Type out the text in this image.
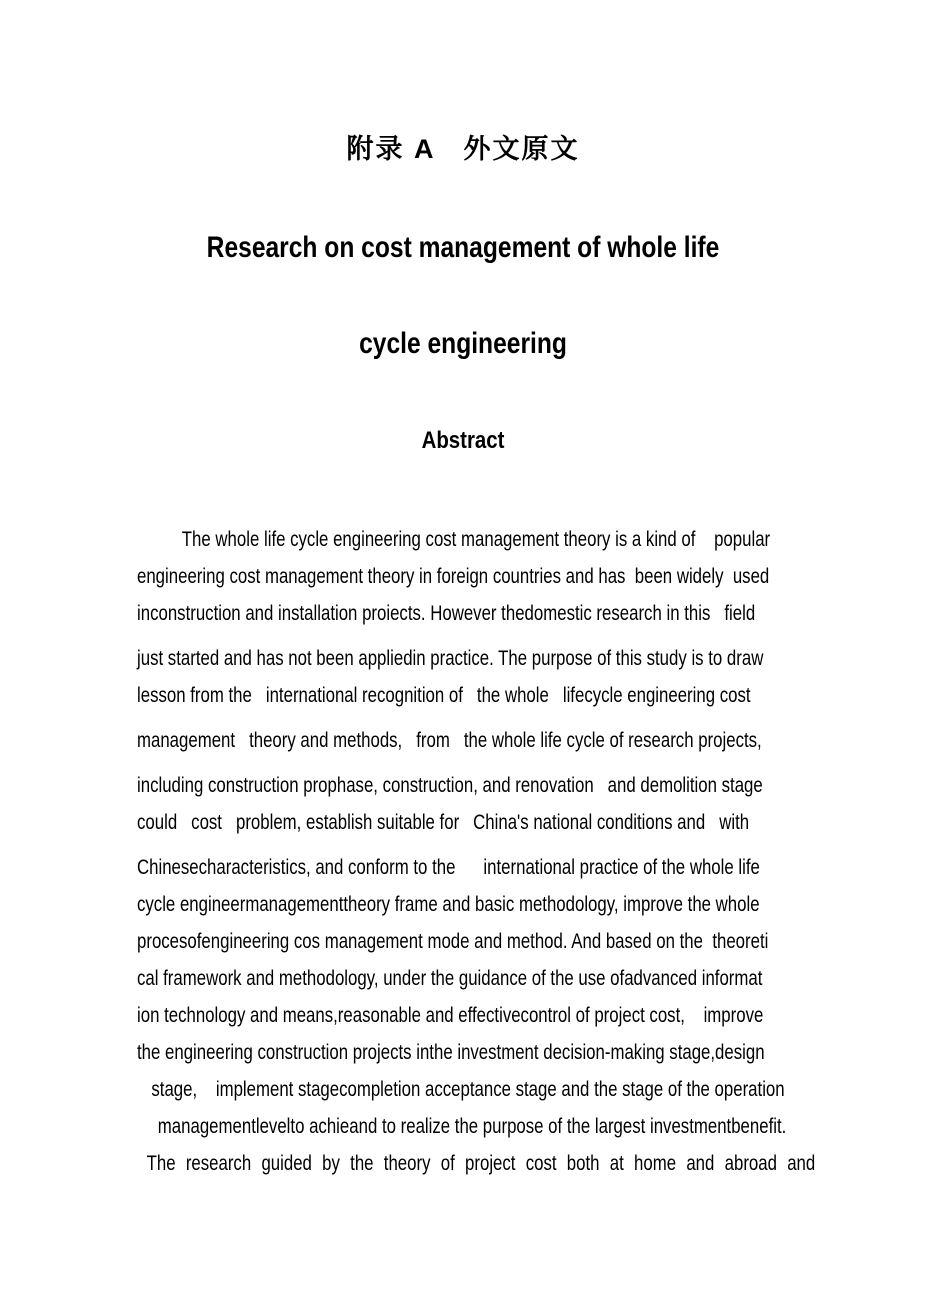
附录 A　外文原文
Research on cost management of whole life
cycle engineering
Abstract

The whole life cycle engineering cost management theory is a kind of    popular

engineering cost management theory in foreign countries and has  been widely  used

inconstruction and installation proiects. However thedomestic research in this   field

just started and has not been appliedin practice. The purpose of this study is to draw

lesson from the   international recognition of   the whole   lifecycle engineering cost

management   theory and methods,   from   the whole life cycle of research projects,

including construction prophase, construction, and renovation   and demolition stage

could   cost   problem, establish suitable for   China's national conditions and   with

Chinesecharacteristics, and conform to the      international practice of the whole life

cycle engineermanagementtheory frame and basic methodology, improve the whole

procesofengineering cos management mode and method. And based on the  theoreti

cal framework and methodology, under the guidance of the use ofadvanced informat

ion technology and means,reasonable and effectivecontrol of project cost,    improve

the engineering construction projects inthe investment decision-making stage,design

stage,    implement stagecompletion acceptance stage and the stage of the operation

managementlevelto achieand to realize the purpose of the largest investmentbenefit.

The research guided by the theory of project cost both at home and abroad and
